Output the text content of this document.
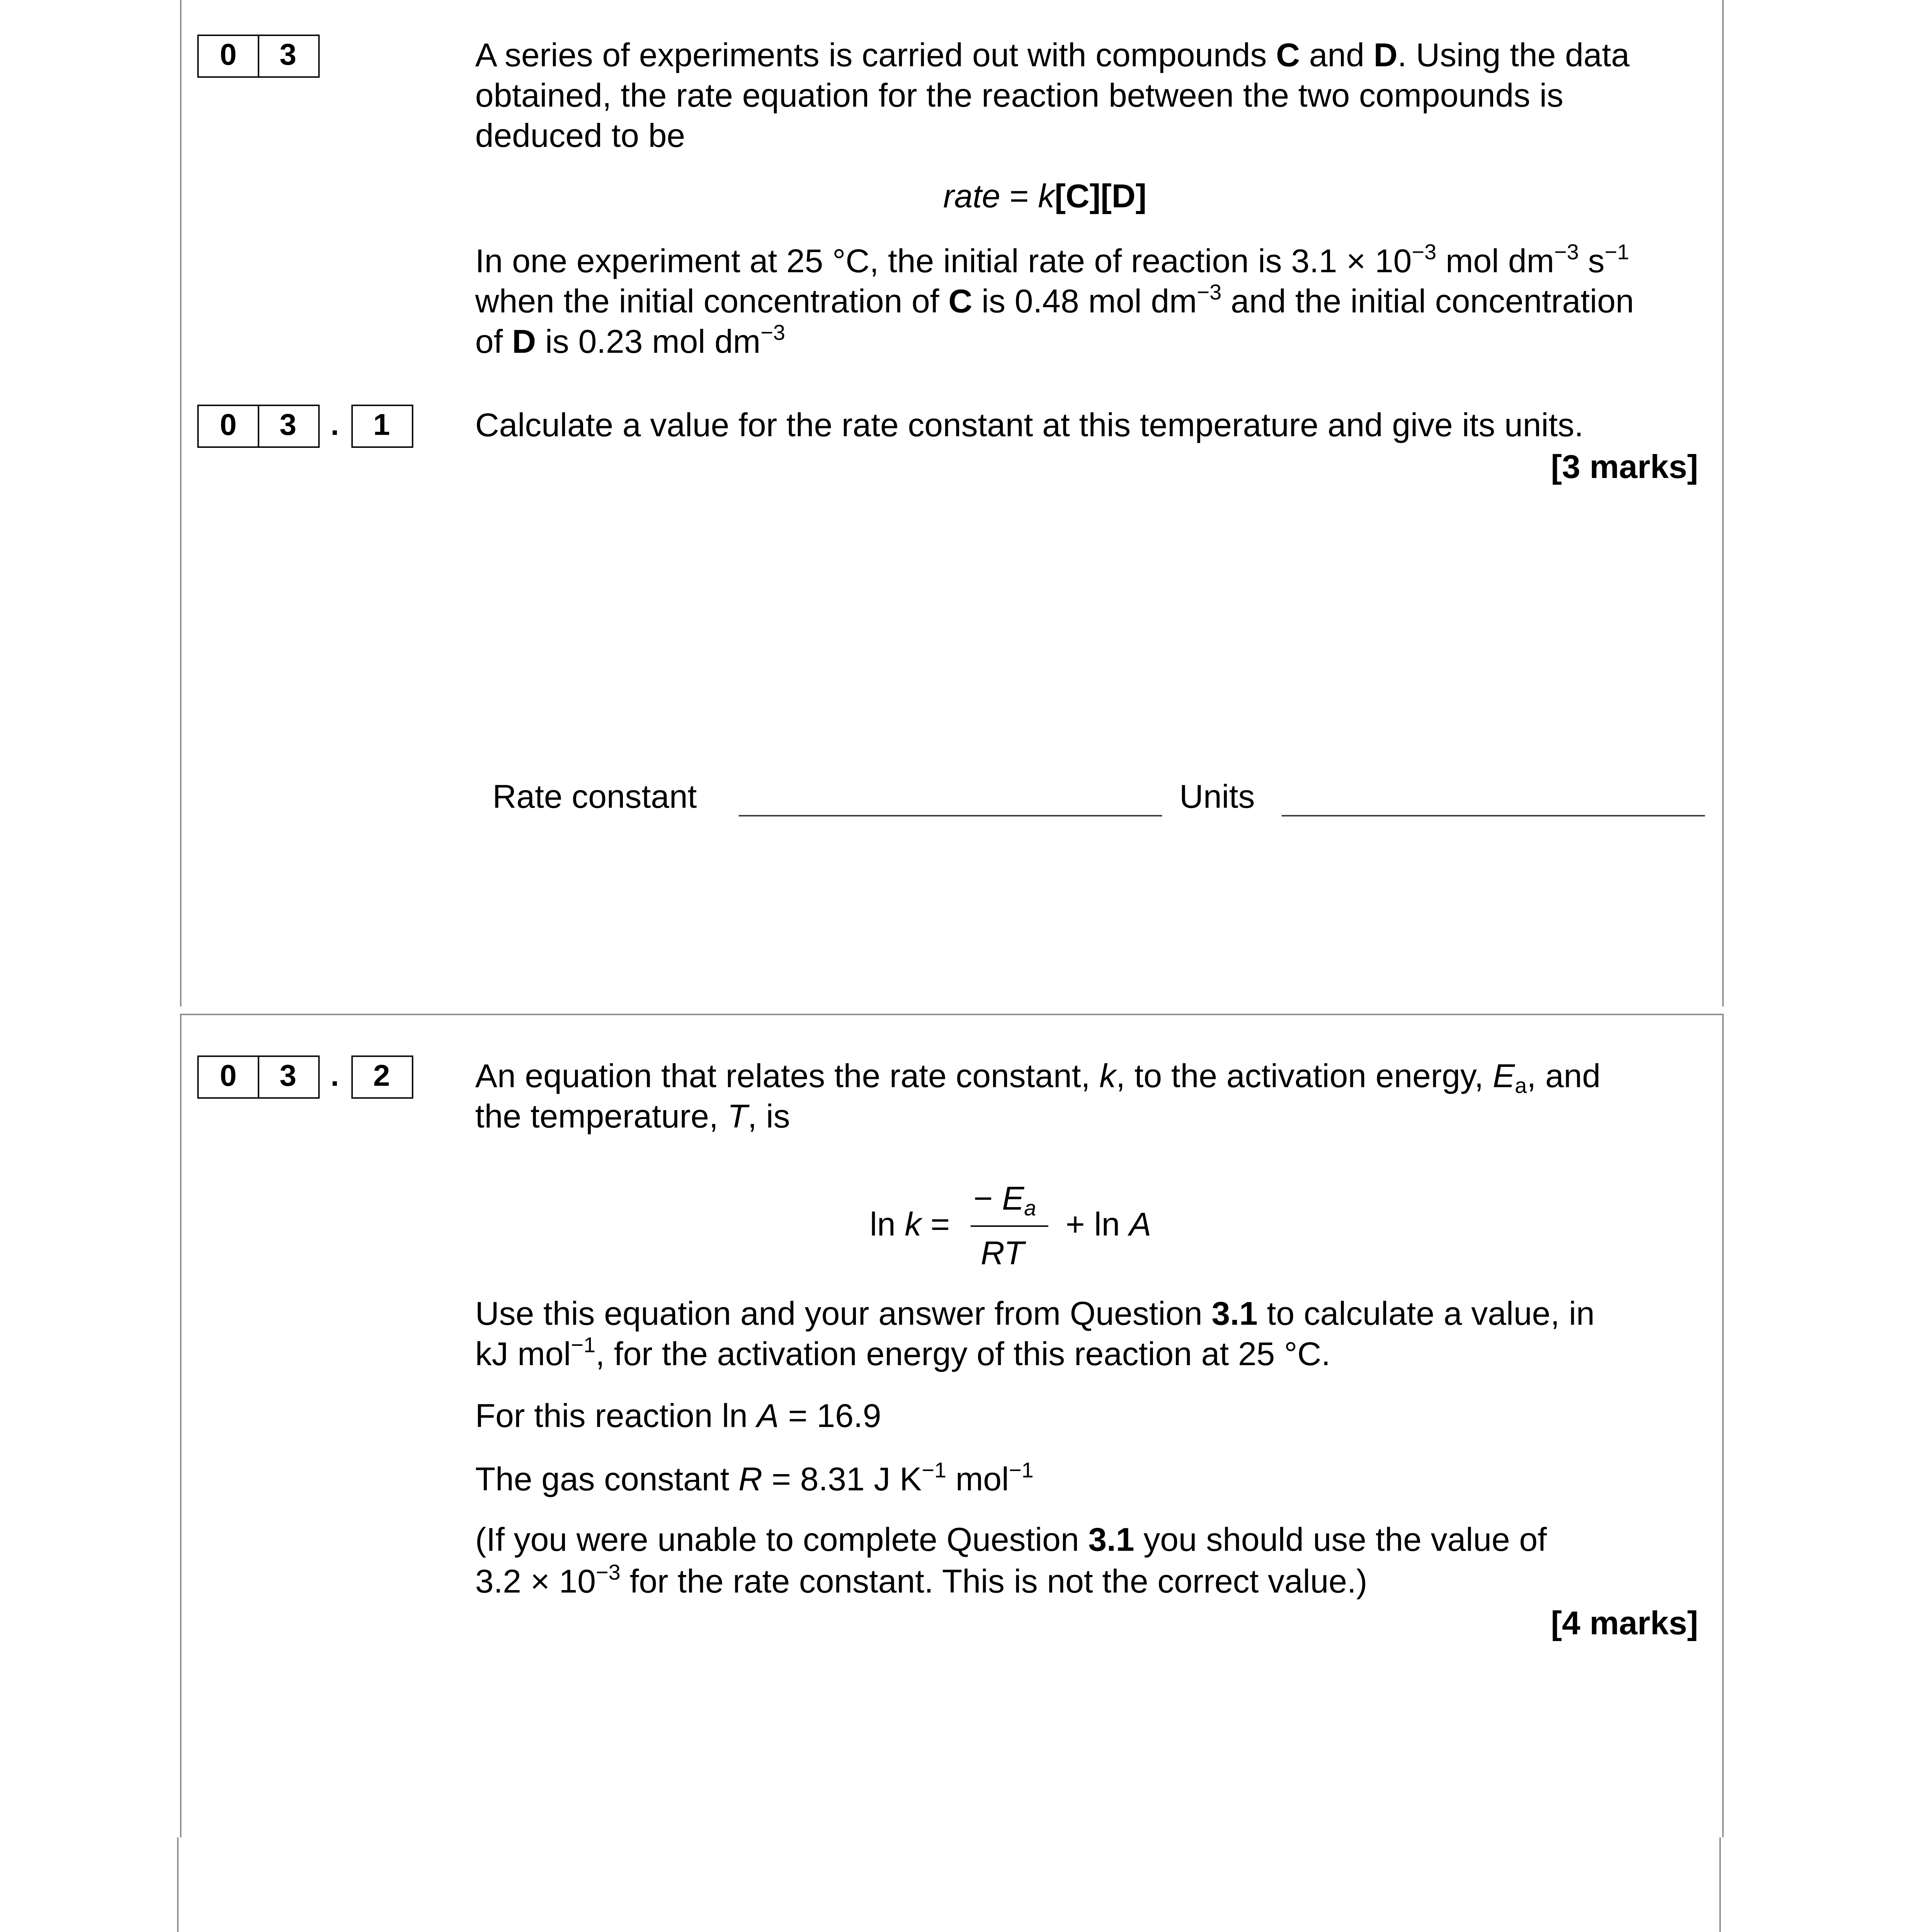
0	3	A series of experiments is carried out with compounds C and D. Using the data
obtained, the rate equation for the reaction between the two compounds is
deduced to be
rate = k[C][D]
In one experiment at 25 °C, the initial rate of reaction is $3.1 \times 10^{-3}$ mol $dm^{-3}$ $s^{-1}$
when the initial concentration of C is 0.48 mol $dm^{-3}$ and the initial concentration
of D is 0.23 mol $dm^{-3}$
0	3	.	1	Calculate a value for the rate constant at this temperature and give its units.
[3 marks]
Rate constant	Units
0	3	.	2	An equation that relates the rate constant, k, to the activation energy, $E_a$, and
the temperature, T, is
ln k =
− $E_a$
RT
+ ln A
Use this equation and your answer from Question 3.1 to calculate a value, in
kJ mol$^{-1}$, for the activation energy of this reaction at 25 °C.
For this reaction ln A = 16.9
The gas constant R = 8.31 J $K^{-1}$ mol$^{-1}$
(If you were unable to complete Question 3.1 you should use the value of
$3.2 \times 10^{-3}$ for the rate constant. This is not the correct value.)
[4 marks]
